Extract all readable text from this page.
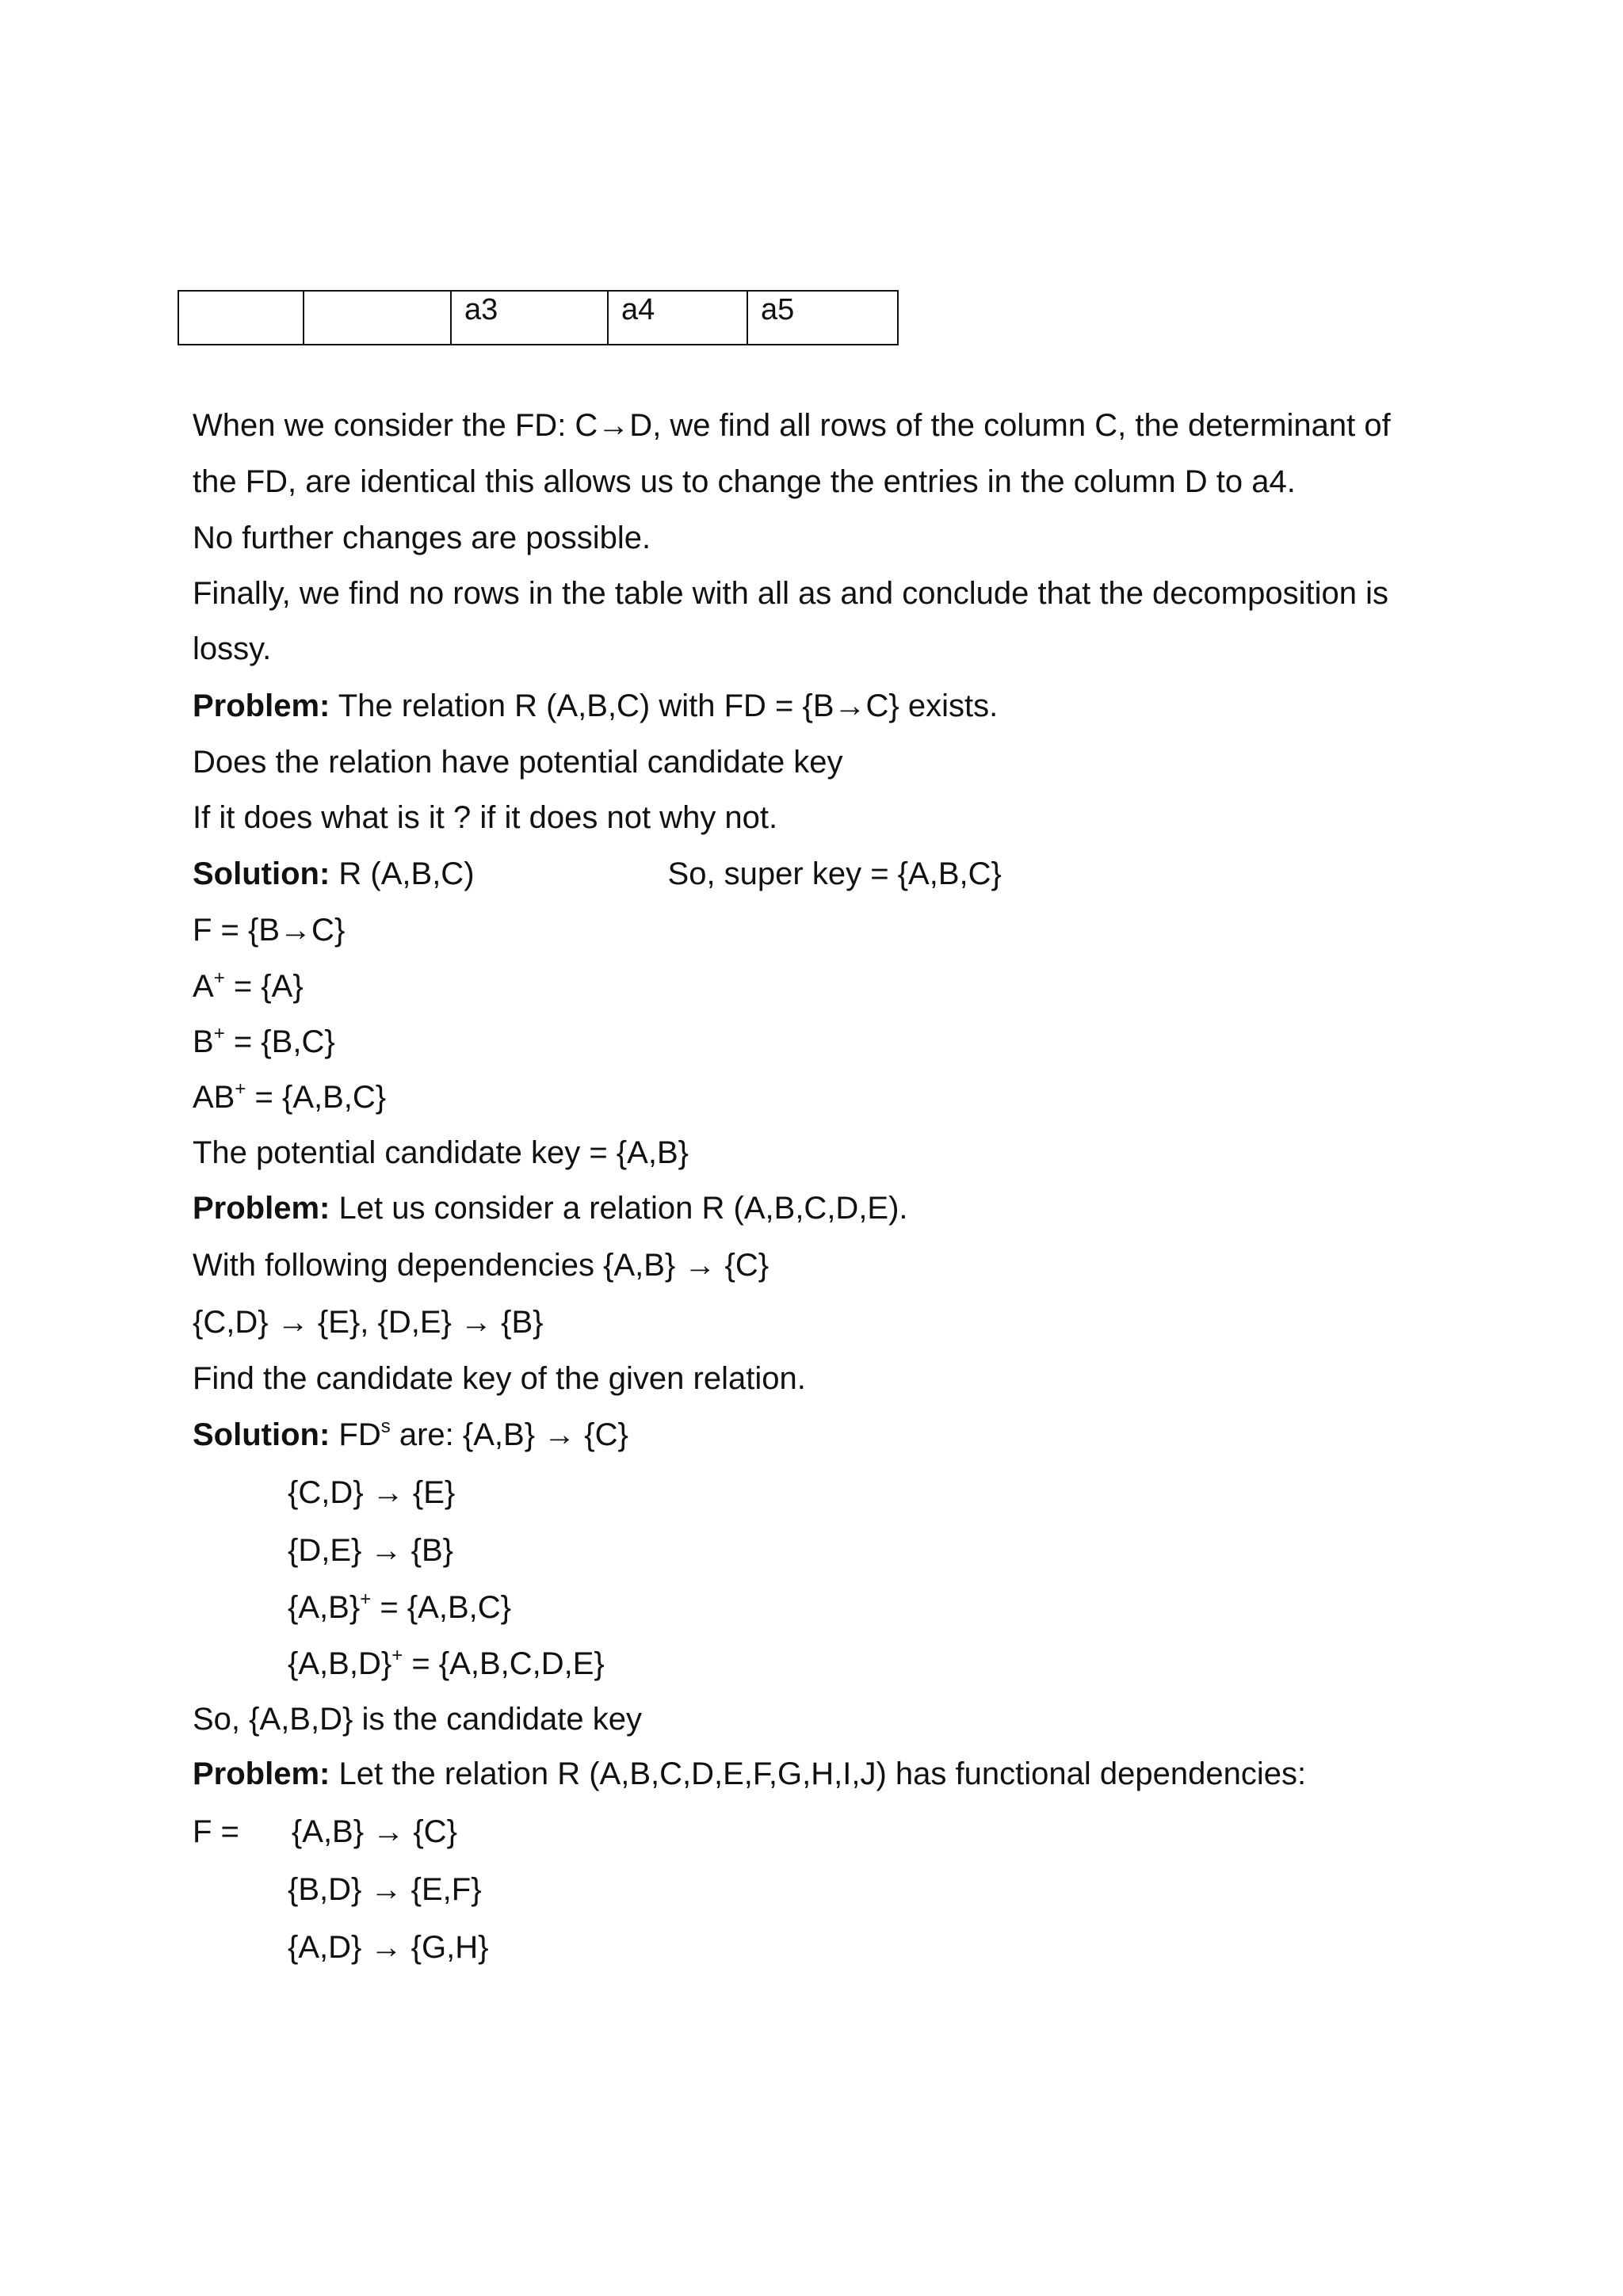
		a3	a4	a5
When we consider the FD: C→D, we find all rows of the column C, the determinant of
the FD, are identical this allows us to change the entries in the column D to a4.
No further changes are possible.
Finally, we find no rows in the table with all as and conclude that the decomposition is
lossy.
Problem: The relation R (A,B,C) with FD = {B→C} exists.
Does the relation have potential candidate key
If it does what is it ? if it does not why not.
Solution: R (A,B,C)	So, super key = {A,B,C}
F = {B→C}
A+ = {A}
B+ = {B,C}
AB+ = {A,B,C}
The potential candidate key = {A,B}
Problem: Let us consider a relation R (A,B,C,D,E).
With following dependencies {A,B} → {C}
{C,D} → {E}, {D,E} → {B}
Find the candidate key of the given relation.
Solution: $FD^s$ are: {A,B} → {C}
{C,D} → {E}
{D,E} → {B}
{A,B}+ = {A,B,C}
{A,B,D}+ = {A,B,C,D,E}
So, {A,B,D} is the candidate key
Problem: Let the relation R (A,B,C,D,E,F,G,H,I,J) has functional dependencies:
F = {A,B} → {C}
{B,D} → {E,F}
{A,D} → {G,H}
